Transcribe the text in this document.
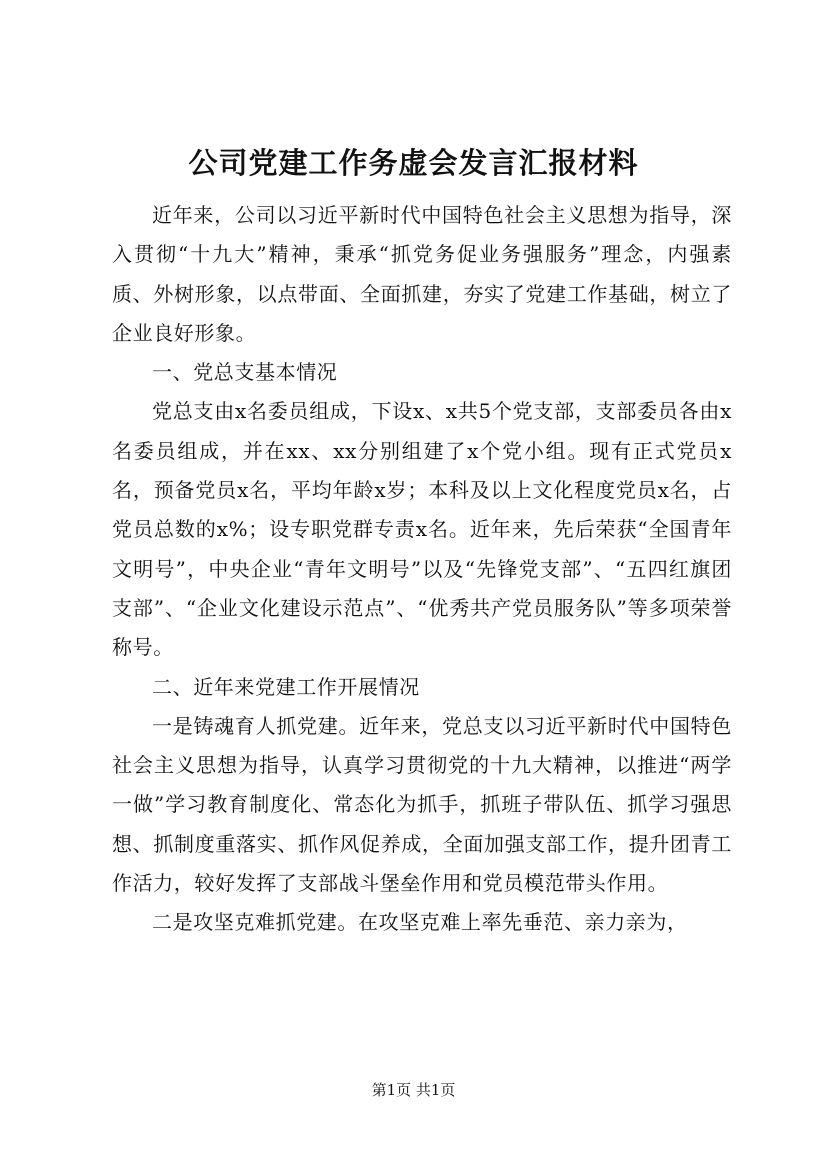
公司党建工作务虚会发言汇报材料

近年来，公司以习近平新时代中国特色社会主义思想为指导，深入贯彻“十九大”精神，秉承“抓党务促业务强服务”理念，内强素质、外树形象，以点带面、全面抓建，夯实了党建工作基础，树立了企业良好形象。

一、党总支基本情况

党总支由x名委员组成，下设x、x共5个党支部，支部委员各由x名委员组成，并在xx、xx分别组建了x个党小组。现有正式党员x名，预备党员x名，平均年龄x岁；本科及以上文化程度党员x名，占党员总数的x%；设专职党群专责x名。近年来，先后荣获“全国青年文明号”，中央企业“青年文明号”以及“先锋党支部”、“五四红旗团支部”、“企业文化建设示范点”、“优秀共产党员服务队”等多项荣誉称号。

二、近年来党建工作开展情况

一是铸魂育人抓党建。近年来，党总支以习近平新时代中国特色社会主义思想为指导，认真学习贯彻党的十九大精神，以推进“两学一做”学习教育制度化、常态化为抓手，抓班子带队伍、抓学习强思想、抓制度重落实、抓作风促养成，全面加强支部工作，提升团青工作活力，较好发挥了支部战斗堡垒作用和党员模范带头作用。

二是攻坚克难抓党建。在攻坚克难上率先垂范、亲力亲为，

第1页 共1页
